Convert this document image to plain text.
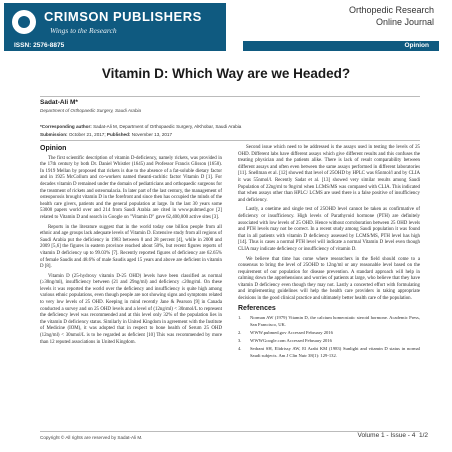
CRIMSON PUBLISHERS
Wings to the Research
Orthopedic Research
Online Journal
ISSN: 2576-8875	Opinion
Vitamin D: Which Way are we Headed?
Sadat-Ali M*
Department of Orthopaedic Surgery, Saudi Arabia
*Corresponding author: Sadat-Ali M, Department of Orthopaedic Surgery, AlKhobar, Saudi Arabia
Submission: October 21, 2017; Published: November 13, 2017
Opinion

The first scientific description of vitamin D-deficiency, namely rickets, was provided in the 17th century by both Dr. Daniel Whistler (1645) and Professor Francis Glisson (1650). In 1919 Mellan by proposed that rickets is due to the absence of a fat-soluble dietary factor and in 1925 McCollum and co-workers named theanti-rachitic factor Vitamin D [1]. For decades vitamin D remained under the domain of pediatricians and orthopaedic surgeons for the treatment of rickets and osteomalacia. In later part of the last century, the management of osteoporosis brought vitamin D in the forefront and since then has occupied the minds of the health care givers, patients and the general population at large. In the last 30 years some 53000 papers world over and 214 from Saudi Arabia are cited in www.pubmed.gov [2] related to Vitamin D and search in Google on "Vitamin D" gave 62,400,000 active sites [3].

Reports in the literature suggest that in the world today one billion people from all ethnic and age groups lack adequate levels of Vitamin D. Extensive study from all regions of Saudi Arabia put the deficiency in 1983 between 0 and 28 percent [4], while in 2008 and 2009 [5,6] the figures in eastern province reached about 50%, but recent figures reports of vitamin D deficiency up to 99.03% [7]. Recently reported figures of deficiency are 62.65% of female Saudis and 48.6% of male Saudis aged 15 years and above are deficient in vitamin D [8].

Vitamin D (25-hydroxy vitamin D-25 OHD) levels have been classified as normal (≥30ng/ml), insufficiency between (21 and 29ng/ml) and deficiency ≤20ng/ml. On these levels it was reported the world over the deficiency and insufficiency is quite high among various ethnic populations, even though people are not showing signs and symptoms related to very low levels of 25 OHD. Keeping in mind recently Jane & Pearson [9] in Canada conducted a survey and on 25 OHD levels and a level of (12ng/ml) < 30nmol/L to represent the deficiency level was recommended and at this level only 32% of the population lies in the vitamin D deficiency status. Similarly in United Kingdom in agreement with the Institute of Medicine (IOM), it was adopted that in respect to bone health of Serum 25 OHD (12ng/ml) < 30nmol/L is to be regarded as deficient [10] This was recommended by more than 12 reputed associations in United Kingdom.

Second issue which need to be addressed is the assays used in testing the levels of 25 OHD. Different labs have different assays which give different results and this confuses the treating physician and the patients alike. There is lack of result comparability between different assays and often even between the same assays performed in different laboratories [11]. Snellman et al. [12] showed that level of 25OHD by HPLC was 85nmol/l and by CLIA it was 55nmol/l. Recently Sadat et al. [13] showed very similar results among Saudi Population of 22ng/ml to 9ng/ml when LCMS/MS was compared with CLIA. This indicated that when assays other than HPLC/ LCMS are used there is a false positive of insufficiency and deficiency.

Lastly, a onetime and single test of 25OHD level cannot be taken as confirmative of deficiency or insufficiency. High levels of Parathyroid hormone (PTH) are definitely associated with low levels of 25 OHD. Hence without corroboration between 25 OHD levels and PTH levels may not be correct. In a recent study among Saudi population it was found that in all patients with vitamin D deficiency assessed by LCMS/MS, PTH level has high [14]. Thus is cases a normal PTH level will indicate a normal Vitamin D level even though CLIA may indicate deficiency or insufficiency of vitamin D.

We believe that time has come where researchers in the field should come to a consensus to bring the level of 25OHD to 12ng/ml or any reasonable level based on the requirement of our population for disease prevention. A standard approach will help in calming down the apprehensions and worries of patients at large, who believe that they have vitamin D deficiency even though they may not. Lastly a concerted effort with formulating and implementing guidelines will help the health care providers in taking appropriate decisions in the good clinical practice and ultimately better health care of the population.

References
1.	Norman AW (1979) Vitamin D, the calcium homeostatic steroid hormone. Academic Press, San Francisco, UK.
2.	WWW.pubmed.gov Accessed February 2016
3.	WWWGoogle.com Accessed February 2016
4.	Sedrani SH, Elidrissy AW, El Arabi KM (1983) Sunlight and vitamin D status in normal Saudi subjects. Am J Clin Nutr 38(1): 129-132.
Copyright © All rights are reserved by Sadat-Ali M.	Volume 1 - Issue - 4 1/2
